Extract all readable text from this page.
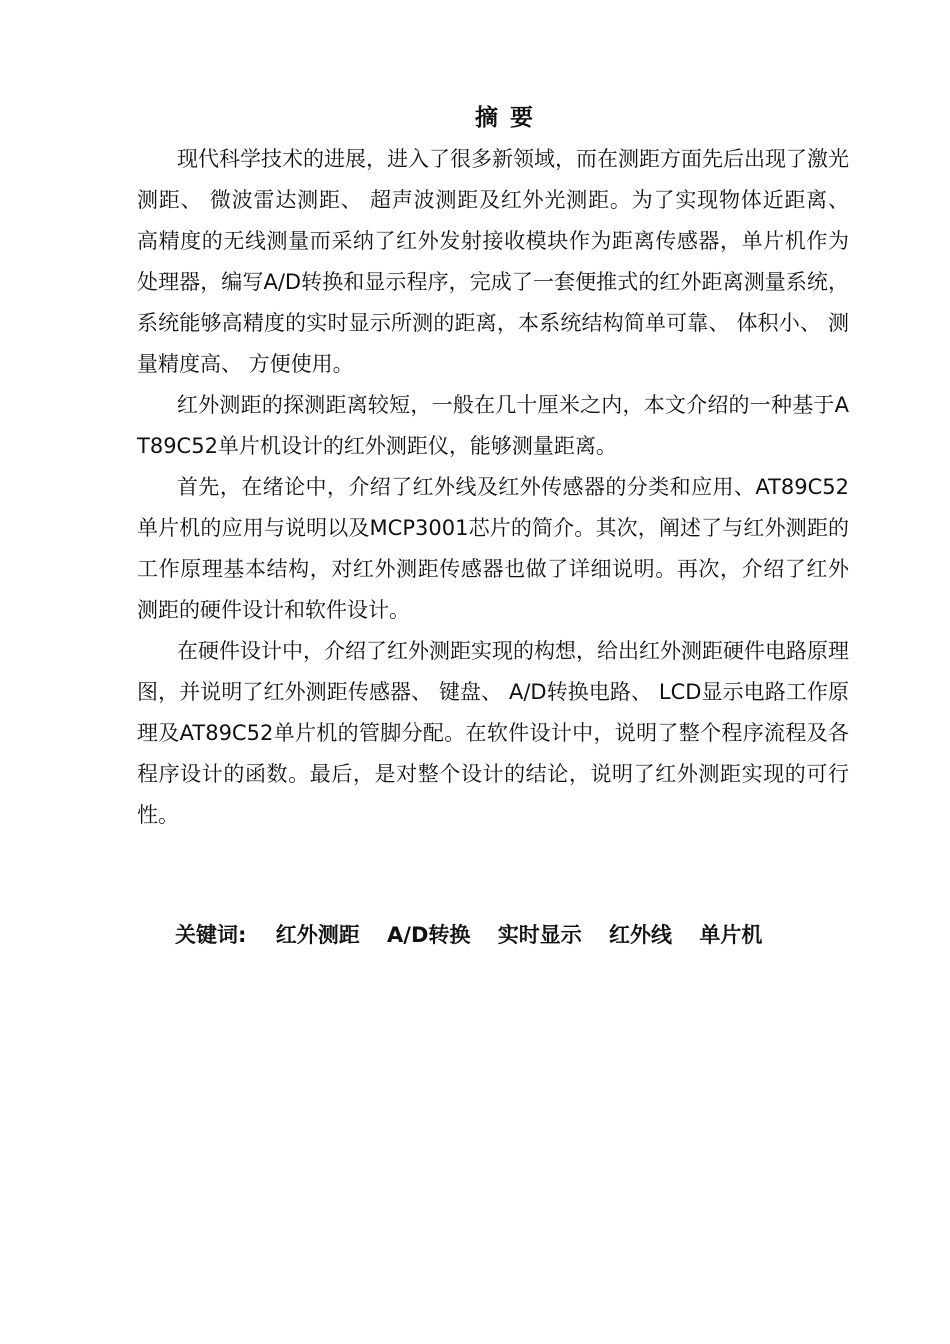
摘 要

现代科学技术的进展，进入了很多新领域，而在测距方面先后出现了激光测距、 微波雷达测距、 超声波测距及红外光测距。为了实现物体近距离、 高精度的无线测量而采纳了红外发射接收模块作为距离传感器，单片机作为处理器，编写A/D转换和显示程序，完成了一套便推式的红外距离测量系统，系统能够高精度的实时显示所测的距离，本系统结构简单可靠、 体积小、 测量精度高、 方便使用。

红外测距的探测距离较短，一般在几十厘米之内，本文介绍的一种基于AT89C52单片机设计的红外测距仪，能够测量距离。

首先，在绪论中，介绍了红外线及红外传感器的分类和应用、AT89C52单片机的应用与说明以及MCP3001芯片的简介。其次，阐述了与红外测距的工作原理基本结构，对红外测距传感器也做了详细说明。再次，介绍了红外测距的硬件设计和软件设计。

在硬件设计中，介绍了红外测距实现的构想，给出红外测距硬件电路原理图，并说明了红外测距传感器、 键盘、 A/D转换电路、 LCD显示电路工作原理及AT89C52单片机的管脚分配。在软件设计中，说明了整个程序流程及各程序设计的函数。最后，是对整个设计的结论，说明了红外测距实现的可行性。

关键词: 红外测距 A/D转换 实时显示 红外线 单片机
